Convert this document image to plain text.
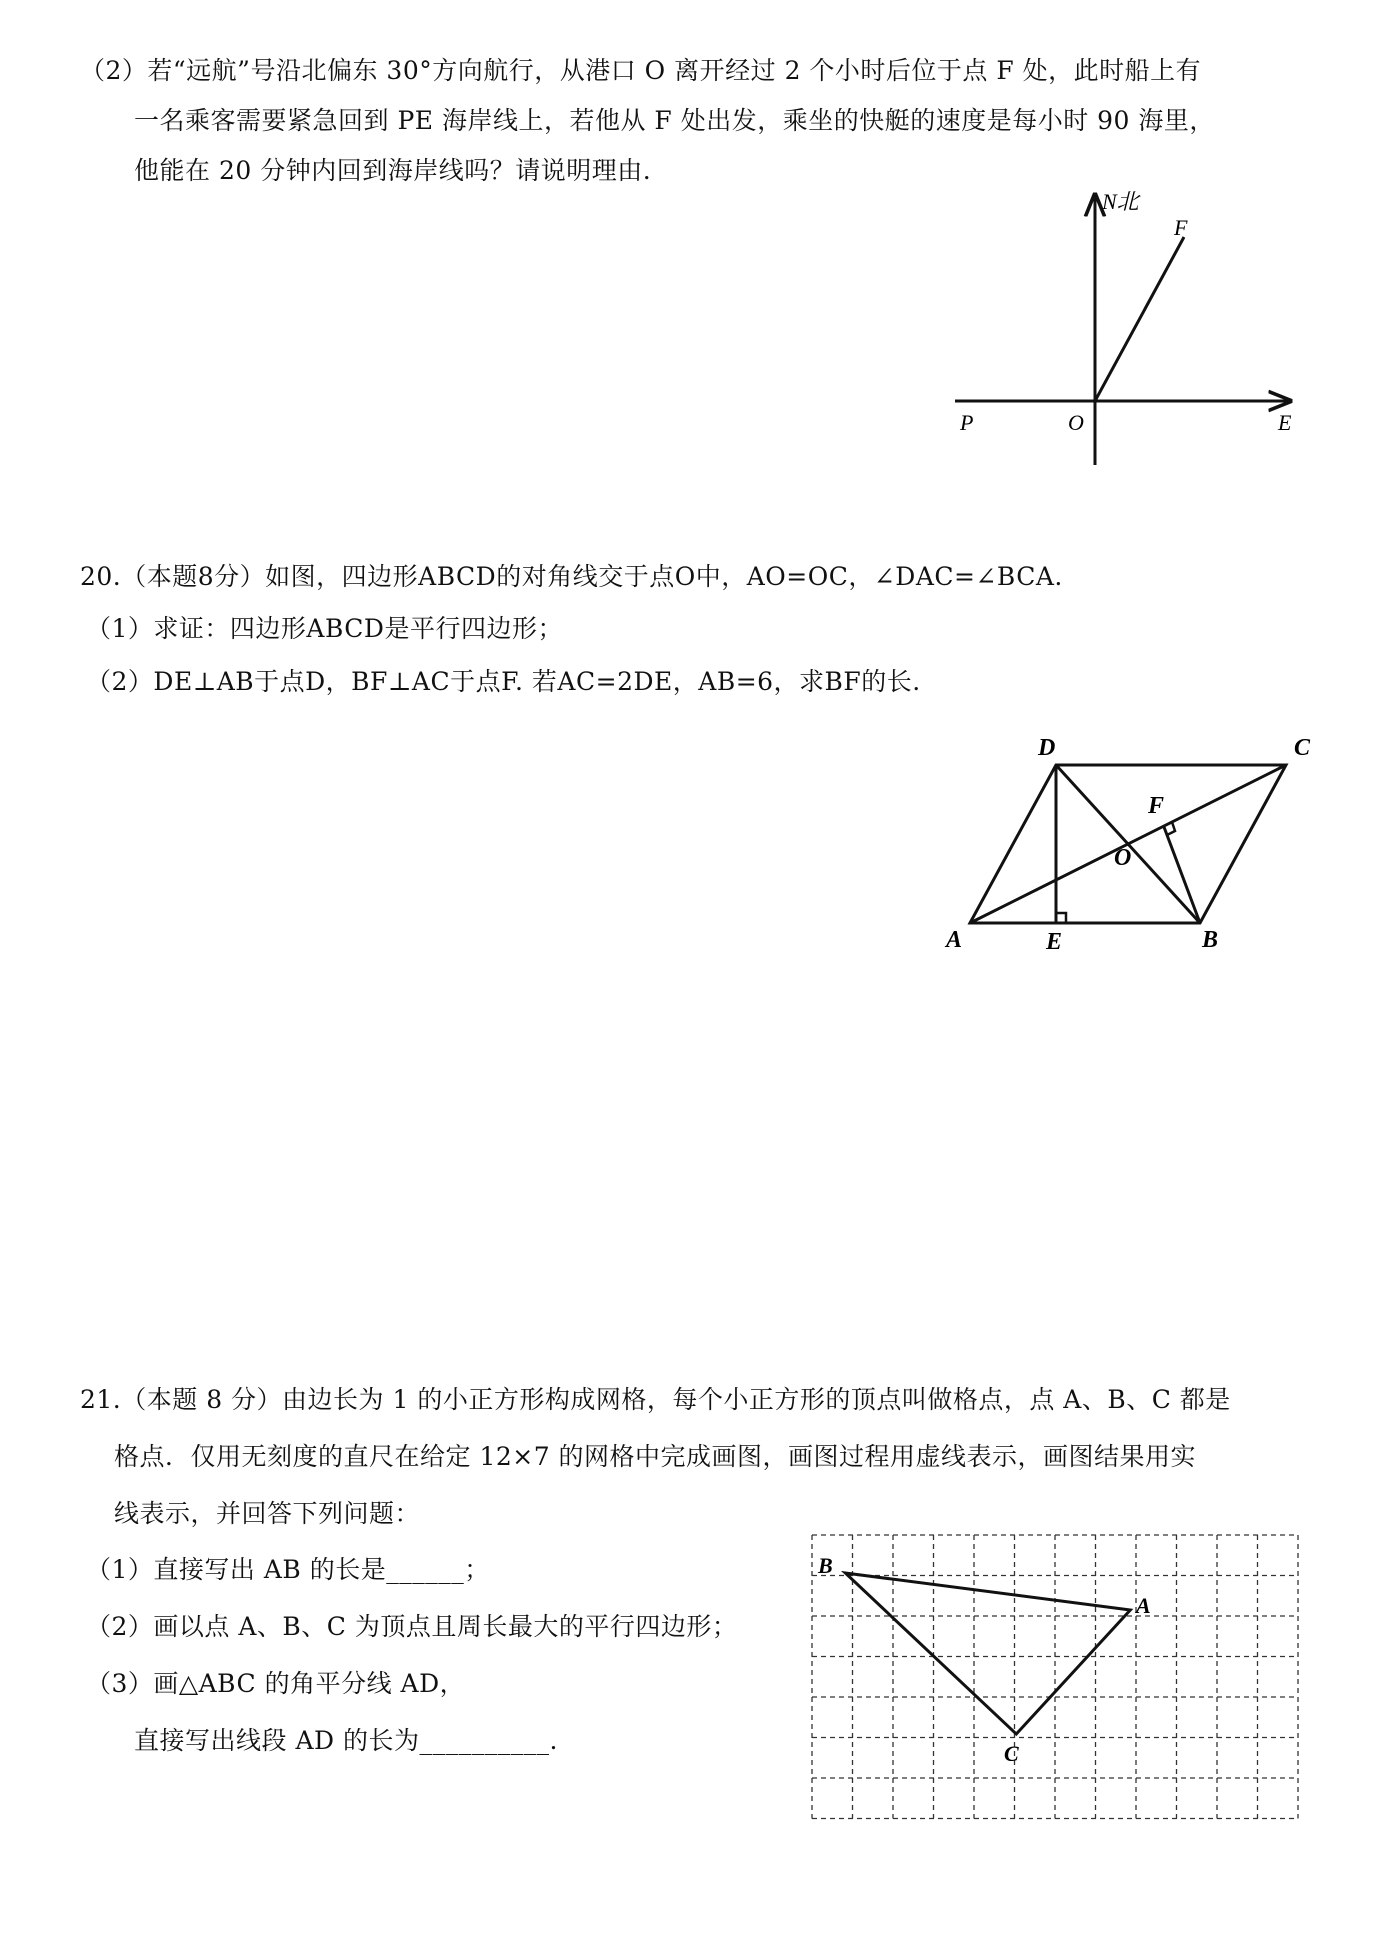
（2）若“远航”号沿北偏东 30°方向航行，从港口 O 离开经过 2 个小时后位于点 F 处，此时船上有
一名乘客需要紧急回到 PE 海岸线上，若他从 F 处出发，乘坐的快艇的速度是每小时 90 海里，
他能在 20 分钟内回到海岸线吗？请说明理由.
N北
F
P	O	E
20.（本题8分）如图，四边形ABCD的对角线交于点O中，AO=OC，∠DAC=∠BCA.
（1）求证：四边形ABCD是平行四边形；
（2）DE⊥AB于点D，BF⊥AC于点F. 若AC=2DE，AB=6，求BF的长.
D	C
F
O
A	E	B
21.（本题 8 分）由边长为 1 的小正方形构成网格，每个小正方形的顶点叫做格点，点 A、B、C 都是
格点．仅用无刻度的直尺在给定 12×7 的网格中完成画图，画图过程用虚线表示，画图结果用实
线表示，并回答下列问题：
（1）直接写出 AB 的长是______；
（2）画以点 A、B、C 为顶点且周长最大的平行四边形；
（3）画△ABC 的角平分线 AD，
直接写出线段 AD 的长为__________.
B
A
C
